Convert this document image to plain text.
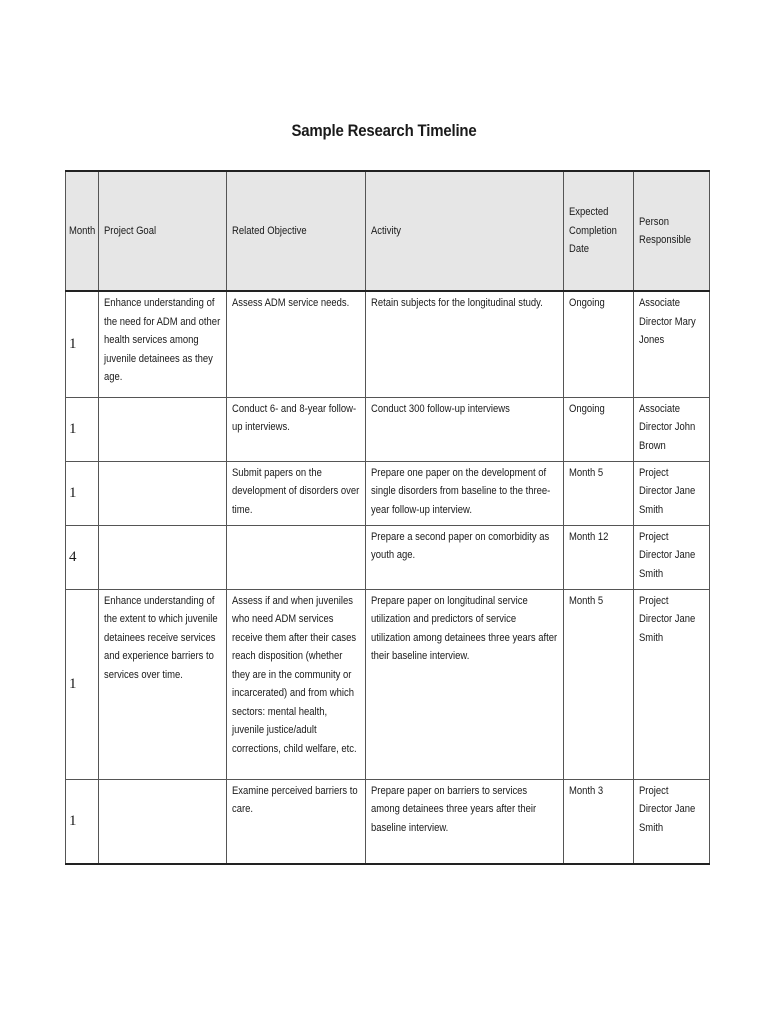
Sample Research Timeline
Month	Project Goal	Related Objective	Activity	Expected Completion Date	Person Responsible
1	Enhance understanding of the need for ADM and other health services among juvenile detainees as they age.	Assess ADM service needs.	Retain subjects for the longitudinal study.	Ongoing	Associate Director Mary Jones
1		Conduct 6- and 8-year follow-up interviews.	Conduct 300 follow-up interviews	Ongoing	Associate Director John Brown
1		Submit papers on the development of disorders over time.	Prepare one paper on the development of single disorders from baseline to the three-year follow-up interview.	Month 5	Project Director Jane Smith
4			Prepare a second paper on comorbidity as youth age.	Month 12	Project Director Jane Smith
1	Enhance understanding of the extent to which juvenile detainees receive services and experience barriers to services over time.	Assess if and when juveniles who need ADM services receive them after their cases reach disposition (whether they are in the community or incarcerated) and from which sectors: mental health, juvenile justice/adult corrections, child welfare, etc.	Prepare paper on longitudinal service utilization and predictors of service utilization among detainees three years after their baseline interview.	Month 5	Project Director Jane Smith
1		Examine perceived barriers to care.	Prepare paper on barriers to services among detainees three years after their baseline interview.	Month 3	Project Director Jane Smith
